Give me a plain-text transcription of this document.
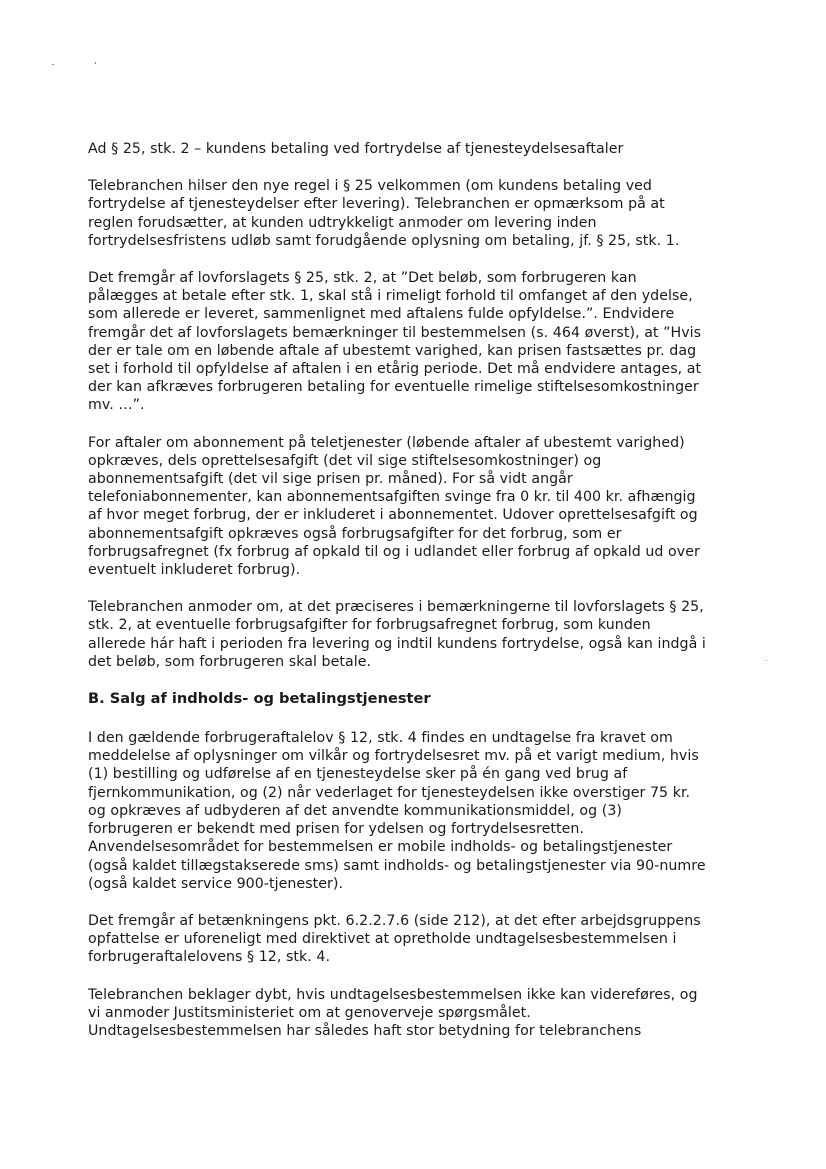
Ad § 25, stk. 2 – kundens betaling ved fortrydelse af tjenesteydelsesaftaler

Telebranchen hilser den nye regel i § 25 velkommen (om kundens betaling ved
fortrydelse af tjenesteydelser efter levering). Telebranchen er opmærksom på at
reglen forudsætter, at kunden udtrykkeligt anmoder om levering inden
fortrydelsesfristens udløb samt forudgående oplysning om betaling, jf. § 25, stk. 1.

Det fremgår af lovforslagets § 25, stk. 2, at ”Det beløb, som forbrugeren kan
pålægges at betale efter stk. 1, skal stå i rimeligt forhold til omfanget af den ydelse,
som allerede er leveret, sammenlignet med aftalens fulde opfyldelse.”. Endvidere
fremgår det af lovforslagets bemærkninger til bestemmelsen (s. 464 øverst), at ”Hvis
der er tale om en løbende aftale af ubestemt varighed, kan prisen fastsættes pr. dag
set i forhold til opfyldelse af aftalen i en etårig periode. Det må endvidere antages, at
der kan afkræves forbrugeren betaling for eventuelle rimelige stiftelsesomkostninger
mv. …”.

For aftaler om abonnement på teletjenester (løbende aftaler af ubestemt varighed)
opkræves, dels oprettelsesafgift (det vil sige stiftelsesomkostninger) og
abonnementsafgift (det vil sige prisen pr. måned). For så vidt angår
telefoniabonnementer, kan abonnementsafgiften svinge fra 0 kr. til 400 kr. afhængig
af hvor meget forbrug, der er inkluderet i abonnementet. Udover oprettelsesafgift og
abonnementsafgift opkræves også forbrugsafgifter for det forbrug, som er
forbrugsafregnet (fx forbrug af opkald til og i udlandet eller forbrug af opkald ud over
eventuelt inkluderet forbrug).

Telebranchen anmoder om, at det præciseres i bemærkningerne til lovforslagets § 25,
stk. 2, at eventuelle forbrugsafgifter for forbrugsafregnet forbrug, som kunden
allerede hár haft i perioden fra levering og indtil kundens fortrydelse, også kan indgå i
det beløb, som forbrugeren skal betale.

B. Salg af indholds- og betalingstjenester

I den gældende forbrugeraftalelov § 12, stk. 4 findes en undtagelse fra kravet om
meddelelse af oplysninger om vilkår og fortrydelsesret mv. på et varigt medium, hvis
(1) bestilling og udførelse af en tjenesteydelse sker på én gang ved brug af
fjernkommunikation, og (2) når vederlaget for tjenesteydelsen ikke overstiger 75 kr.
og opkræves af udbyderen af det anvendte kommunikationsmiddel, og (3)
forbrugeren er bekendt med prisen for ydelsen og fortrydelsesretten.
Anvendelsesområdet for bestemmelsen er mobile indholds- og betalingstjenester
(også kaldet tillægstakserede sms) samt indholds- og betalingstjenester via 90-numre
(også kaldet service 900-tjenester).

Det fremgår af betænkningens pkt. 6.2.2.7.6 (side 212), at det efter arbejdsgruppens
opfattelse er uforeneligt med direktivet at opretholde undtagelsesbestemmelsen i
forbrugeraftalelovens § 12, stk. 4.

Telebranchen beklager dybt, hvis undtagelsesbestemmelsen ikke kan videreføres, og
vi anmoder Justitsministeriet om at genoverveje spørgsmålet.
Undtagelsesbestemmelsen har således haft stor betydning for telebranchens
